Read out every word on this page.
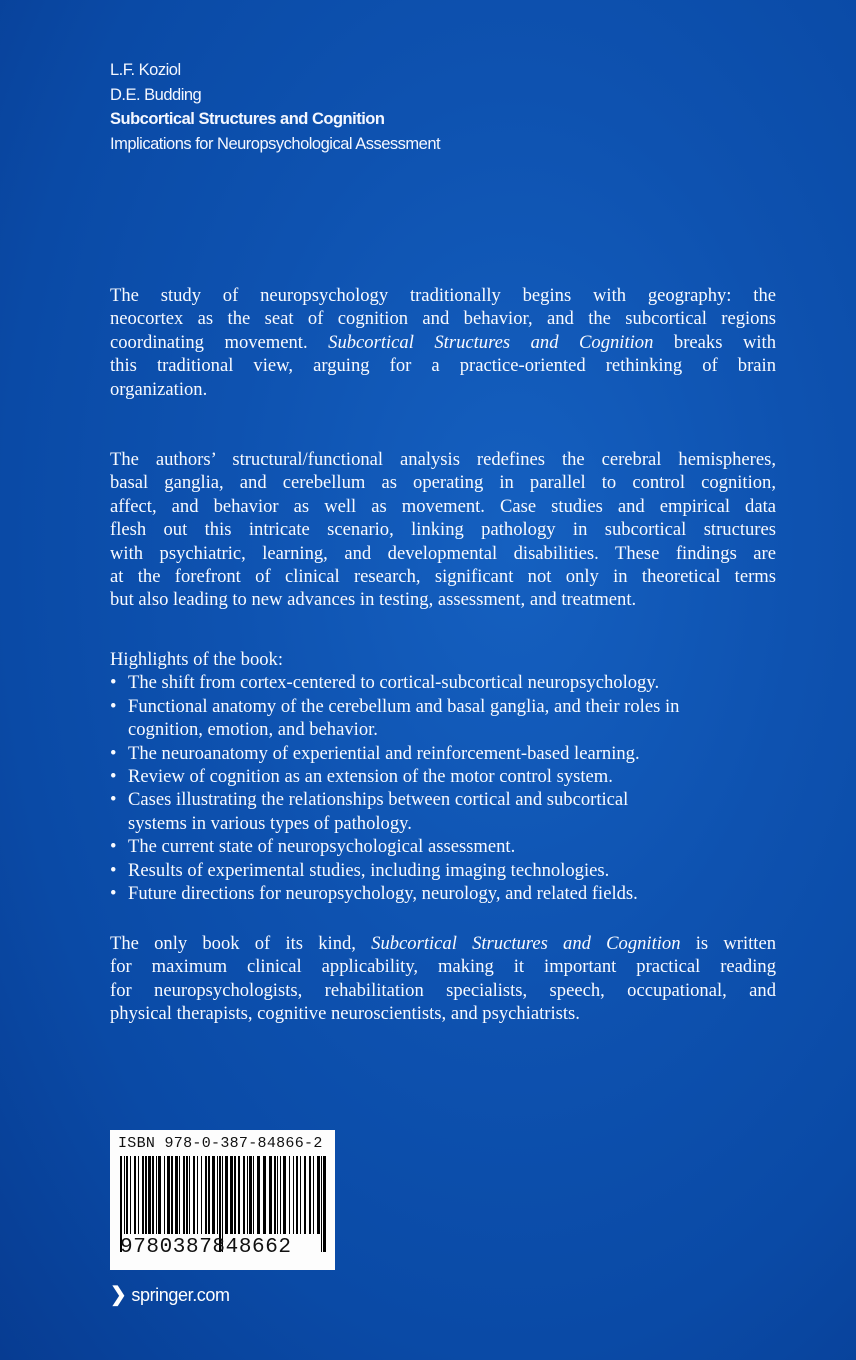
L.F. Koziol
D.E. Budding
Subcortical Structures and Cognition
Implications for Neuropsychological Assessment
The study of neuropsychology traditionally begins with geography: the
neocortex as the seat of cognition and behavior, and the subcortical regions
coordinating movement. Subcortical Structures and Cognition breaks with
this traditional view, arguing for a practice-oriented rethinking of brain
organization.
The authors’ structural/functional analysis redefines the cerebral hemispheres,
basal ganglia, and cerebellum as operating in parallel to control cognition,
affect, and behavior as well as movement. Case studies and empirical data
flesh out this intricate scenario, linking pathology in subcortical structures
with psychiatric, learning, and developmental disabilities. These findings are
at the forefront of clinical research, significant not only in theoretical terms
but also leading to new advances in testing, assessment, and treatment.
Highlights of the book:
• The shift from cortex-centered to cortical-subcortical neuropsychology.
• Functional anatomy of the cerebellum and basal ganglia, and their roles in
cognition, emotion, and behavior.
• The neuroanatomy of experiential and reinforcement-based learning.
• Review of cognition as an extension of the motor control system.
• Cases illustrating the relationships between cortical and subcortical
systems in various types of pathology.
• The current state of neuropsychological assessment.
• Results of experimental studies, including imaging technologies.
• Future directions for neuropsychology, neurology, and related fields.
The only book of its kind, Subcortical Structures and Cognition is written
for maximum clinical applicability, making it important practical reading
for neuropsychologists, rehabilitation specialists, speech, occupational, and
physical therapists, cognitive neuroscientists, and psychiatrists.
ISBN 978-0-387-84866-2
9780387848662
❯ springer.com
